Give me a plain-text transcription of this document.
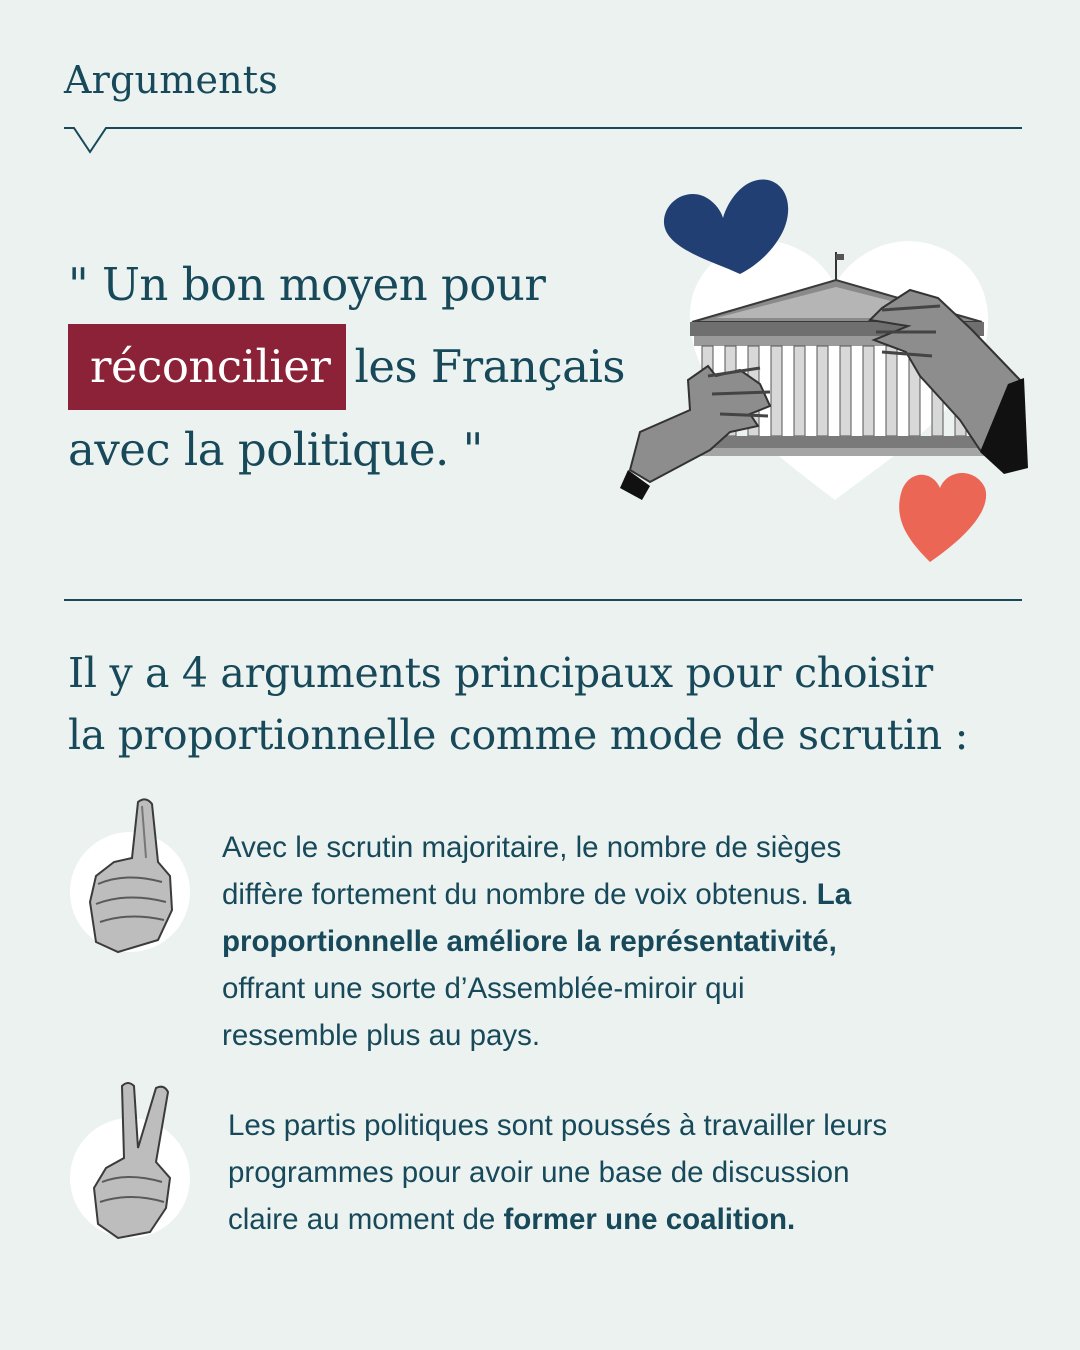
Arguments
" Un bon moyen pour
réconcilier les Français
avec la politique. "
Il y a 4 arguments principaux pour choisir
la proportionnelle comme mode de scrutin :
Avec le scrutin majoritaire, le nombre de sièges
diffère fortement du nombre de voix obtenus. La
proportionnelle améliore la représentativité,
offrant une sorte d’Assemblée-miroir qui
ressemble plus au pays.
Les partis politiques sont poussés à travailler leurs
programmes pour avoir une base de discussion
claire au moment de former une coalition.
